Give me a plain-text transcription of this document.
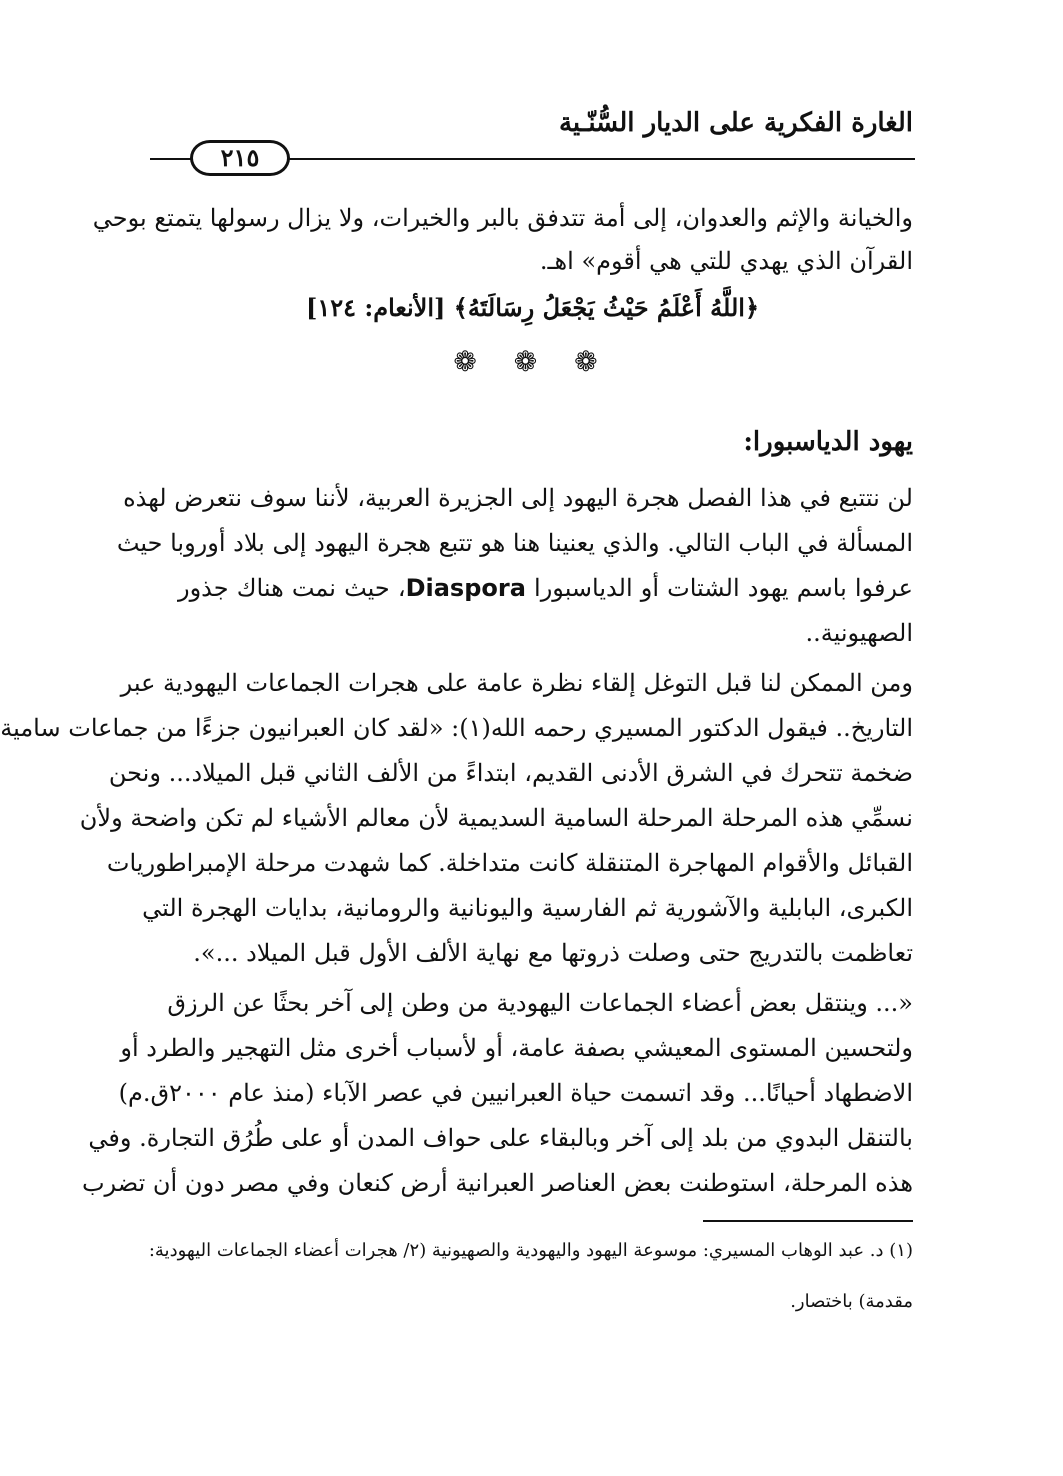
الغارة الفكرية على الديار السُّنّـية
٢١٥
والخيانة والإثم والعدوان، إلى أمة تتدفق بالبر والخيرات، ولا يزال رسولها يتمتع بوحي
القرآن الذي يهدي للتي هي أقوم» اهـ.
﴿اللَّهُ أَعْلَمُ حَيْثُ يَجْعَلُ رِسَالَتَهُ﴾ [الأنعام: ١٢٤]
❁ ❁ ❁
يهود الدياسبورا:
لن نتتبع في هذا الفصل هجرة اليهود إلى الجزيرة العربية، لأننا سوف نتعرض لهذه
المسألة في الباب التالي. والذي يعنينا هنا هو تتبع هجرة اليهود إلى بلاد أوروبا حيث
عرفوا باسم يهود الشتات أو الدياسبورا Diaspora، حيث نمت هناك جذور
الصهيونية..
ومن الممكن لنا قبل التوغل إلقاء نظرة عامة على هجرات الجماعات اليهودية عبر
التاريخ.. فيقول الدكتور المسيري رحمه الله(١): «لقد كان العبرانيون جزءًا من جماعات سامية
ضخمة تتحرك في الشرق الأدنى القديم، ابتداءً من الألف الثاني قبل الميلاد... ونحن
نسمِّي هذه المرحلة المرحلة السامية السديمية لأن معالم الأشياء لم تكن واضحة ولأن
القبائل والأقوام المهاجرة المتنقلة كانت متداخلة. كما شهدت مرحلة الإمبراطوريات
الكبرى، البابلية والآشورية ثم الفارسية واليونانية والرومانية، بدايات الهجرة التي
تعاظمت بالتدريج حتى وصلت ذروتها مع نهاية الألف الأول قبل الميلاد ...».
«... وينتقل بعض أعضاء الجماعات اليهودية من وطن إلى آخر بحثًا عن الرزق
ولتحسين المستوى المعيشي بصفة عامة، أو لأسباب أخرى مثل التهجير والطرد أو
الاضطهاد أحيانًا... وقد اتسمت حياة العبرانيين في عصر الآباء (منذ عام ٢٠٠٠ق.م)
بالتنقل البدوي من بلد إلى آخر وبالبقاء على حواف المدن أو على طُرُق التجارة. وفي
هذه المرحلة، استوطنت بعض العناصر العبرانية أرض كنعان وفي مصر دون أن تضرب
(١) د. عبد الوهاب المسيري: موسوعة اليهود واليهودية والصهيونية (٢/ هجرات أعضاء الجماعات اليهودية:
مقدمة) باختصار.
